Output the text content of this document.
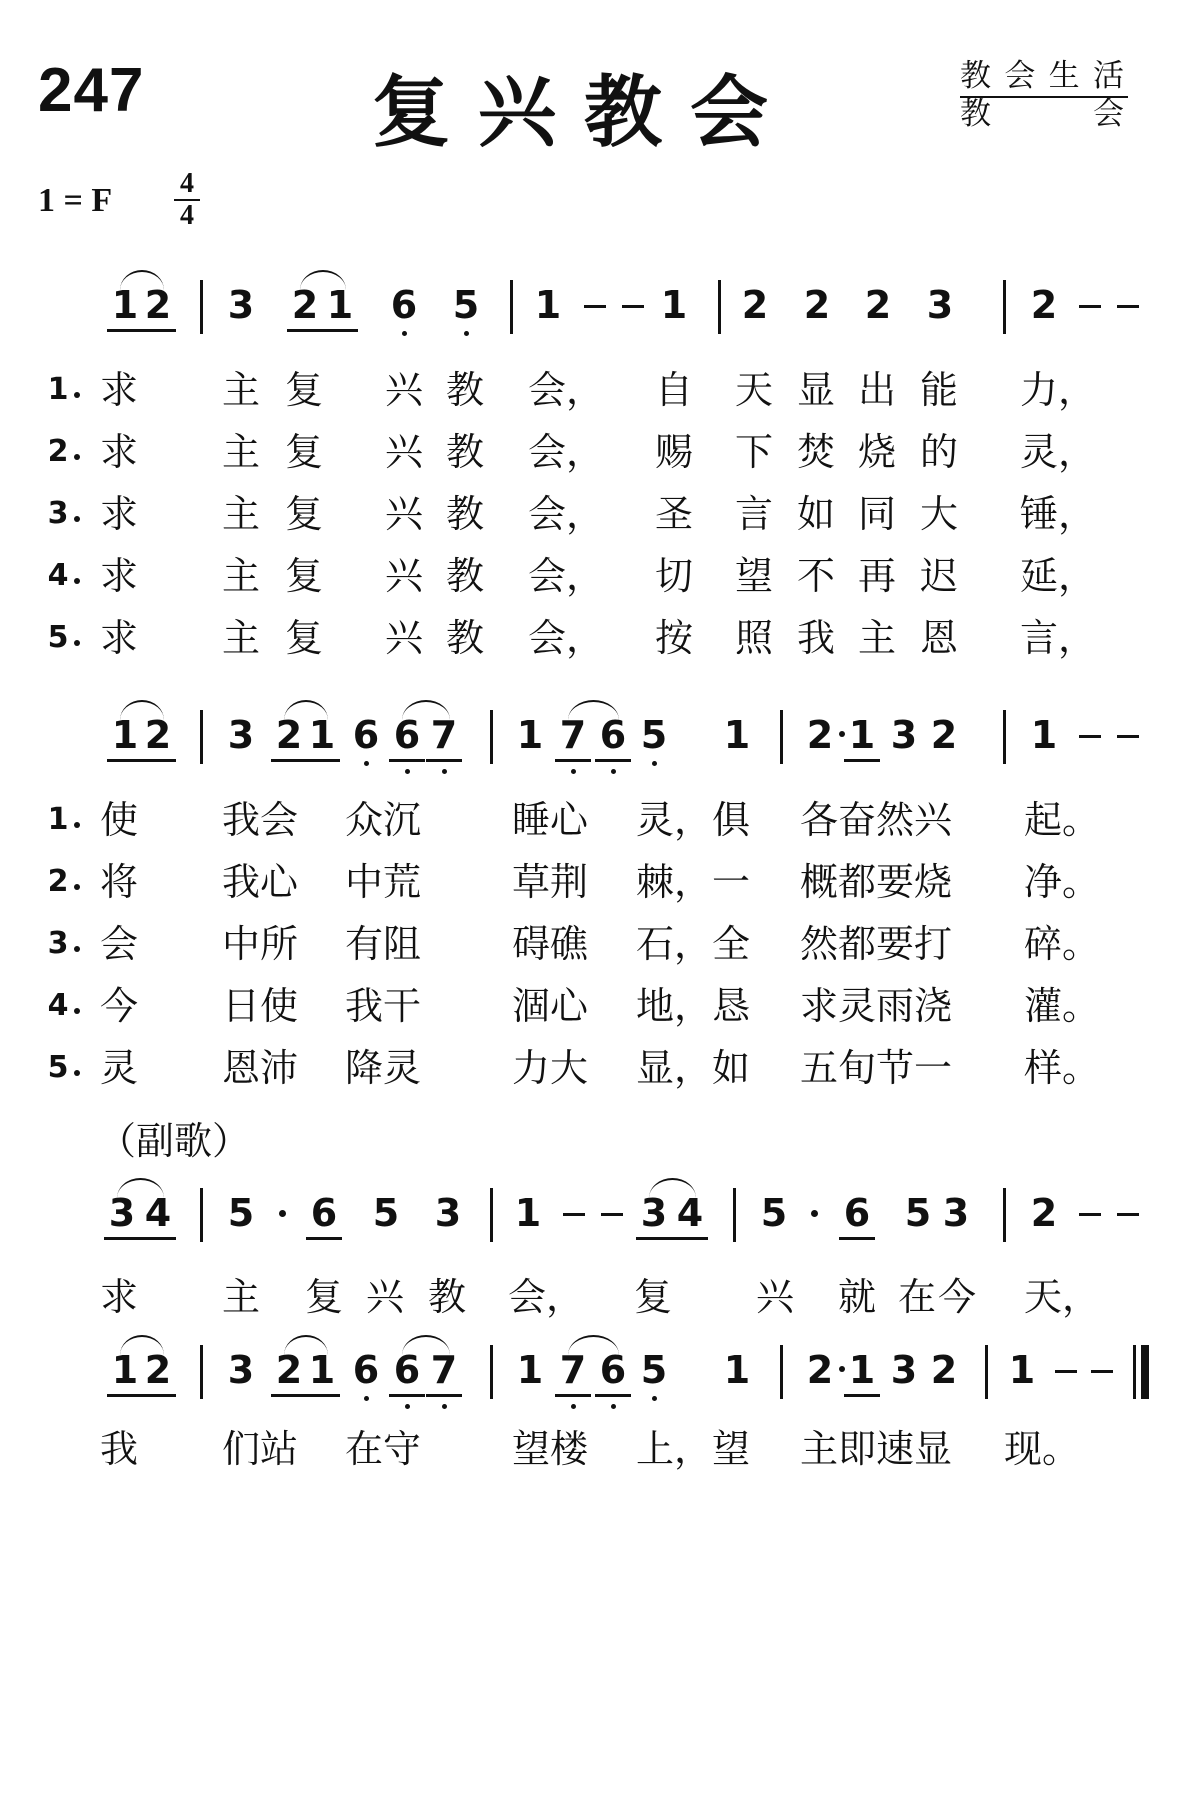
247	复兴教会	教会生活
教会
1 = F 4
4
1 2 3 2 1 6 5 1	1 2 2 2 3 2
1
2
3
4
5
求 主 复 兴 教 会， 自 天 显 出 能 力，
求 主 复 兴 教 会， 赐 下 焚 烧 的 灵，
求 主 复 兴 教 会， 圣 言 如 同 大 锤，
求 主 复 兴 教 会， 切 望 不 再 迟 延，
求 主 复 兴 教 会， 按 照 我 主 恩 言，
1 2 3 2 1 6 6 7 1 7 6 5 1 2 1 3 2 1
1
2
3
4
5
使 我会 众沉 睡心 灵，俱 各奋然兴 起。
将 我心 中荒 草荆 棘，一 概都要烧 净。
会 中所 有阻 碍礁 石，全 然都要打 碎。
今 日使 我干 涸心 地，恳 求灵雨浇 灌。
灵 恩沛 降灵 力大 显，如 五旬节一 样。
（副歌）
3 4 5 6 5 3 1	3 4 5 6 5 3 2
求 主 复 兴 教 会， 复 兴 就 在 今 天，
1 2 3 2 1 6 6 7 1 7 6 5 1 2 1 3 2 1
我 们站 在守 望楼 上，望 主即速显 现。
